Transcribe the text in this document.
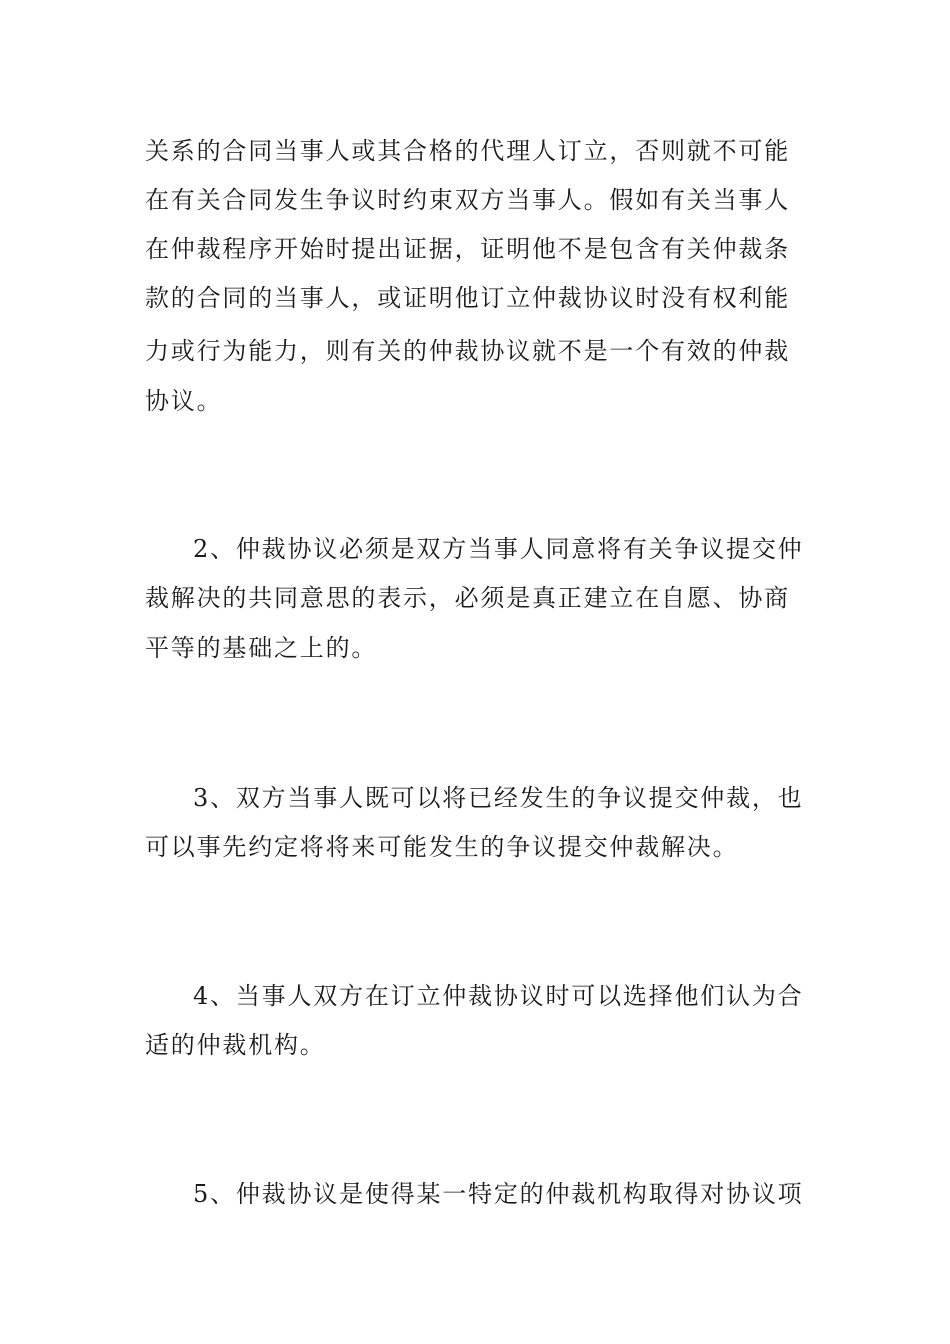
关系的合同当事人或其合格的代理人订立，否则就不可能
在有关合同发生争议时约束双方当事人。假如有关当事人
在仲裁程序开始时提出证据，证明他不是包含有关仲裁条
款的合同的当事人，或证明他订立仲裁协议时没有权利能
力或行为能力，则有关的仲裁协议就不是一个有效的仲裁
协议。
2、仲裁协议必须是双方当事人同意将有关争议提交仲
裁解决的共同意思的表示，必须是真正建立在自愿、协商
平等的基础之上的。
3、双方当事人既可以将已经发生的争议提交仲裁，也
可以事先约定将将来可能发生的争议提交仲裁解决。
4、当事人双方在订立仲裁协议时可以选择他们认为合
适的仲裁机构。
5、仲裁协议是使得某一特定的仲裁机构取得对协议项
